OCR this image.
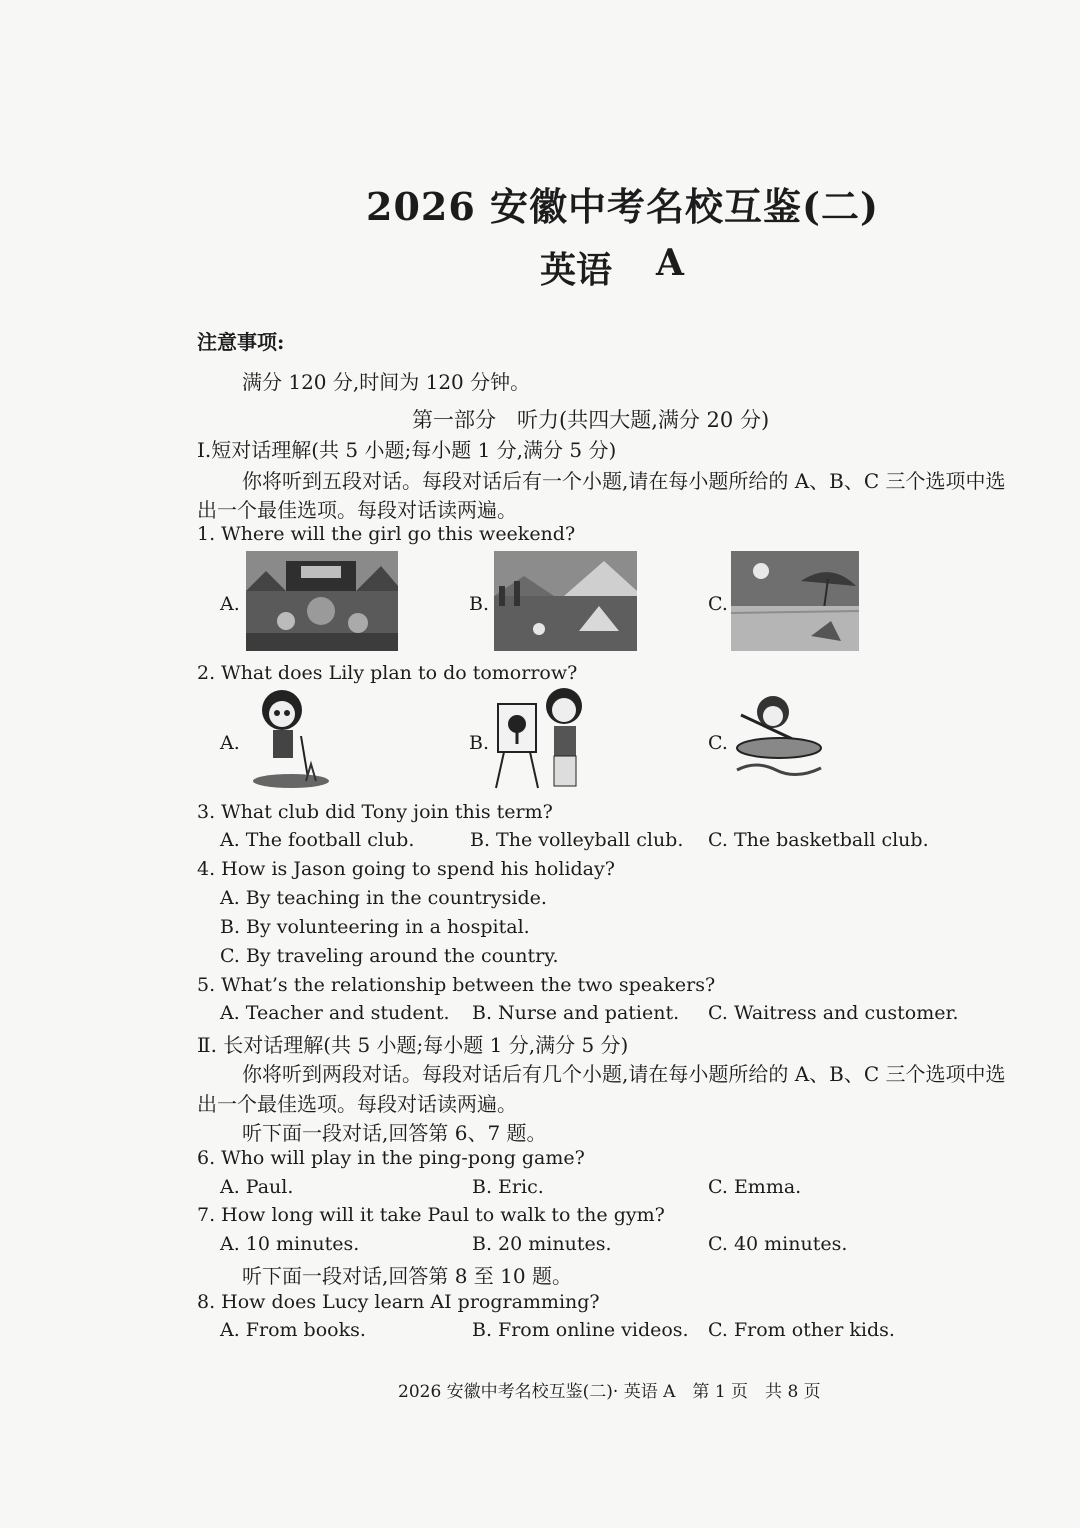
2026 安徽中考名校互鉴(二)
英语 A
注意事项:
满分 120 分,时间为 120 分钟。
第一部分　听力(共四大题,满分 20 分)
Ⅰ.短对话理解(共 5 小题;每小题 1 分,满分 5 分)
你将听到五段对话。每段对话后有一个小题,请在每小题所给的 A、B、C 三个选项中选
出一个最佳选项。每段对话读两遍。
1. Where will the girl go this weekend?
A.	B.	C.
2. What does Lily plan to do tomorrow?
A.	B.	C.
3. What club did Tony join this term?
A. The football club.	B. The volleyball club. C. The basketball club.
4. How is Jason going to spend his holiday?
A. By teaching in the countryside.
B. By volunteering in a hospital.
C. By traveling around the country.
5. What’s the relationship between the two speakers?
A. Teacher and student. B. Nurse and patient. C. Waitress and customer.
Ⅱ. 长对话理解(共 5 小题;每小题 1 分,满分 5 分)
你将听到两段对话。每段对话后有几个小题,请在每小题所给的 A、B、C 三个选项中选
出一个最佳选项。每段对话读两遍。
听下面一段对话,回答第 6、7 题。
6. Who will play in the ping-pong game?
A. Paul.	B. Eric.	C. Emma.
7. How long will it take Paul to walk to the gym?
A. 10 minutes.	B. 20 minutes.	C. 40 minutes.
听下面一段对话,回答第 8 至 10 题。
8. How does Lucy learn AI programming?
A. From books.	B. From online videos. C. From other kids.
2026 安徽中考名校互鉴(二)· 英语 A　第 1 页　共 8 页
